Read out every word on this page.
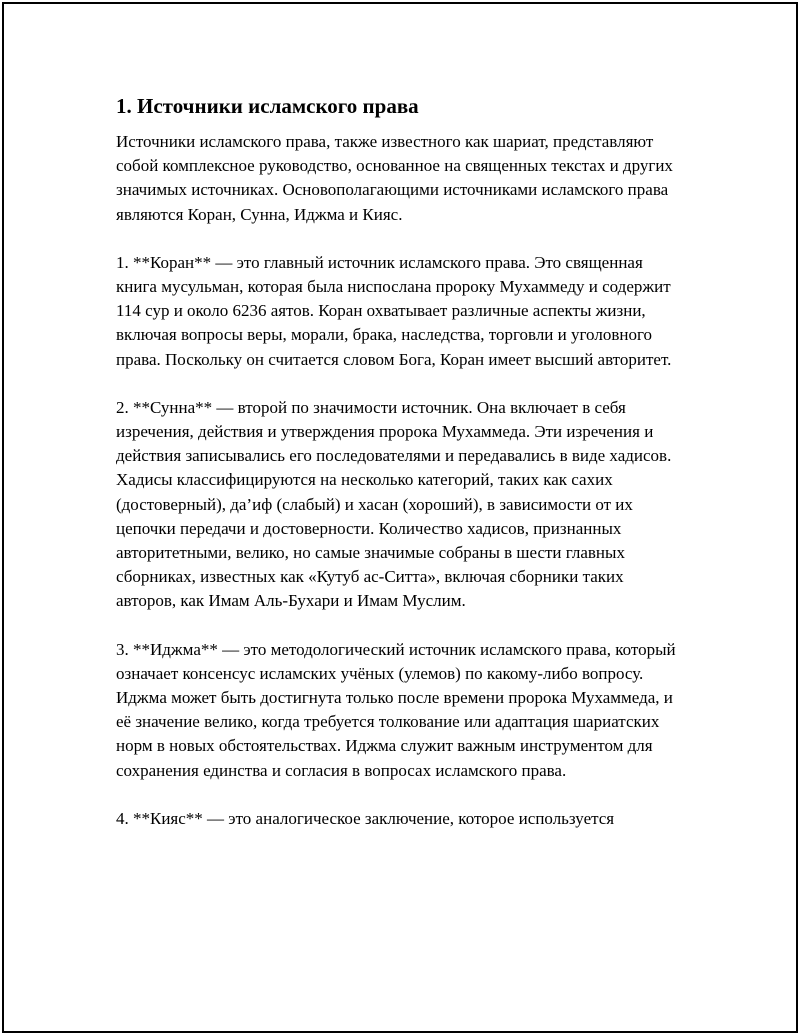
1. Источники исламского права

Источники исламского права, также известного как шариат, представляют собой комплексное руководство, основанное на священных текстах и других значимых источниках. Основополагающими источниками исламского права являются Коран, Сунна, Иджма и Кияс.

1. **Коран** — это главный источник исламского права. Это священная книга мусульман, которая была ниспослана пророку Мухаммеду и содержит 114 сур и около 6236 аятов. Коран охватывает различные аспекты жизни, включая вопросы веры, морали, брака, наследства, торговли и уголовного права. Поскольку он считается словом Бога, Коран имеет высший авторитет.

2. **Сунна** — второй по значимости источник. Она включает в себя изречения, действия и утверждения пророка Мухаммеда. Эти изречения и действия записывались его последователями и передавались в виде хадисов. Хадисы классифицируются на несколько категорий, таких как сахих (достоверный), да’иф (слабый) и хасан (хороший), в зависимости от их цепочки передачи и достоверности. Количество хадисов, признанных авторитетными, велико, но самые значимые собраны в шести главных сборниках, известных как «Кутуб ас-Ситта», включая сборники таких авторов, как Имам Аль-Бухари и Имам Муслим.

3. **Иджма** — это методологический источник исламского права, который означает консенсус исламских учёных (улемов) по какому-либо вопросу. Иджма может быть достигнута только после времени пророка Мухаммеда, и её значение велико, когда требуется толкование или адаптация шариатских норм в новых обстоятельствах. Иджма служит важным инструментом для сохранения единства и согласия в вопросах исламского права.

4. **Кияс** — это аналогическое заключение, которое используется
